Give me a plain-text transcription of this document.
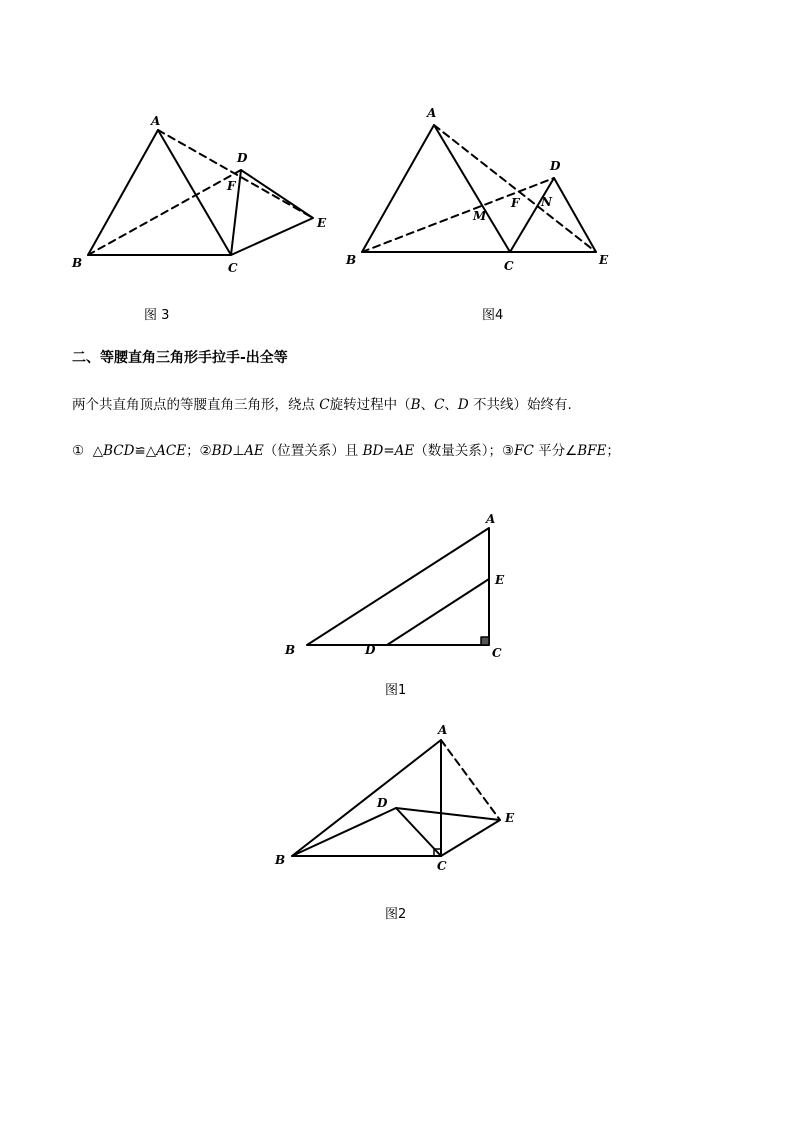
A
B	C
D
E
F
A
B	C
D
E
F
M
N
A
B	C
D
E
A
B	C
D
E
图 3	图4
图1
图2
二、等腰直角三角形手拉手-出全等
两个共直角顶点的等腰直角三角形，绕点 C旋转过程中（B、C、D 不共线）始终有.
① △BCD≌△ACE；②BD⊥AE（位置关系）且 BD=AE（数量关系）；③FC 平分∠BFE；
